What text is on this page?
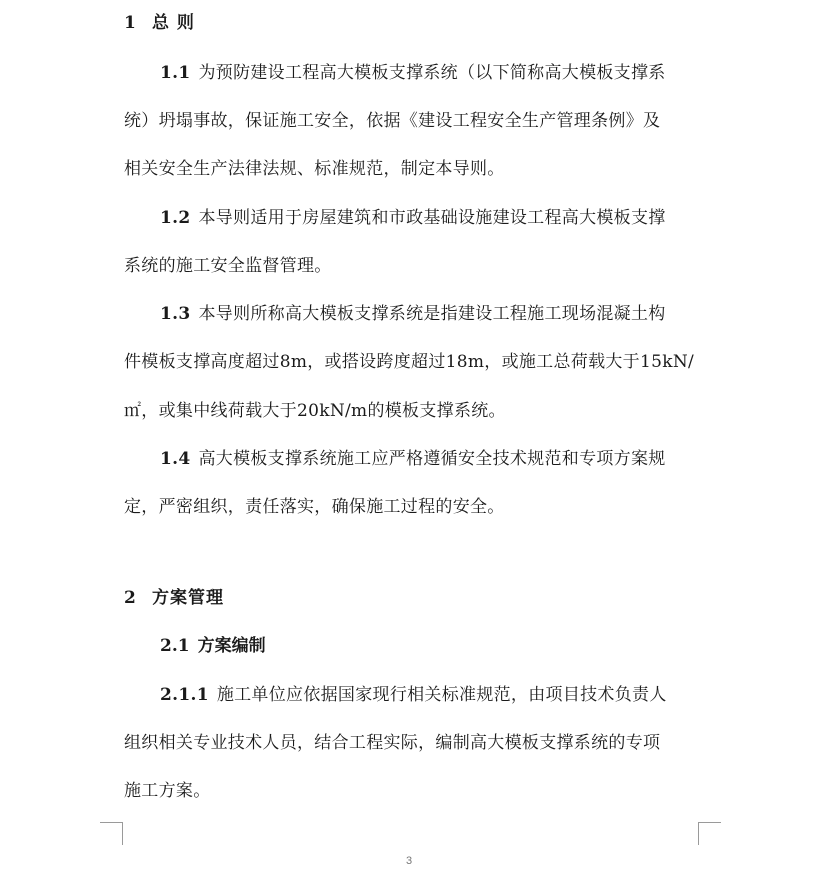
1 总 则
1.1 为预防建设工程高大模板支撑系统（以下简称高大模板支撑系
统）坍塌事故，保证施工安全，依据《建设工程安全生产管理条例》及
相关安全生产法律法规、标准规范，制定本导则。
1.2 本导则适用于房屋建筑和市政基础设施建设工程高大模板支撑
系统的施工安全监督管理。
1.3 本导则所称高大模板支撑系统是指建设工程施工现场混凝土构
件模板支撑高度超过8m，或搭设跨度超过18m，或施工总荷载大于15kN/
㎡，或集中线荷载大于20kN/m的模板支撑系统。
1.4 高大模板支撑系统施工应严格遵循安全技术规范和专项方案规
定，严密组织，责任落实，确保施工过程的安全。
2 方案管理
2.1 方案编制
2.1.1 施工单位应依据国家现行相关标准规范，由项目技术负责人
组织相关专业技术人员，结合工程实际，编制高大模板支撑系统的专项
施工方案。
3
